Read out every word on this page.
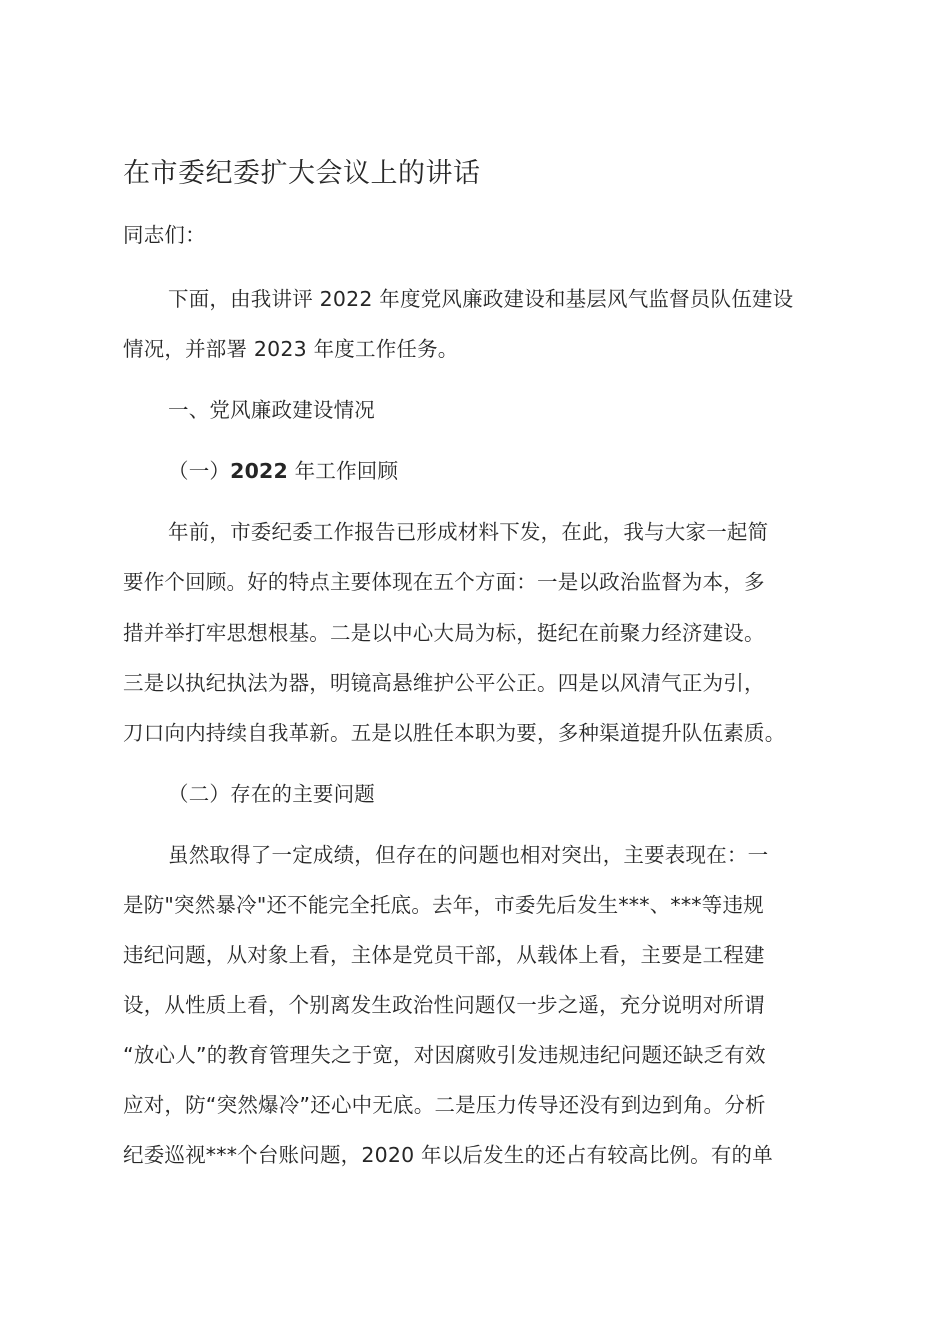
在市委纪委扩大会议上的讲话
同志们：
下面，由我讲评 2022 年度党风廉政建设和基层风气监督员队伍建设
情况，并部署 2023 年度工作任务。
一、党风廉政建设情况
（一）2022 年工作回顾
年前，市委纪委工作报告已形成材料下发，在此，我与大家一起简
要作个回顾。好的特点主要体现在五个方面：一是以政治监督为本，多
措并举打牢思想根基。二是以中心大局为标，挺纪在前聚力经济建设。
三是以执纪执法为器，明镜高悬维护公平公正。四是以风清气正为引，
刀口向内持续自我革新。五是以胜任本职为要，多种渠道提升队伍素质。
（二）存在的主要问题
虽然取得了一定成绩，但存在的问题也相对突出，主要表现在：一
是防"突然暴冷"还不能完全托底。去年，市委先后发生***、***等违规
违纪问题，从对象上看，主体是党员干部，从载体上看，主要是工程建
设，从性质上看，个别离发生政治性问题仅一步之遥，充分说明对所谓
“放心人”的教育管理失之于宽，对因腐败引发违规违纪问题还缺乏有效
应对，防“突然爆冷”还心中无底。二是压力传导还没有到边到角。分析
纪委巡视***个台账问题，2020 年以后发生的还占有较高比例。有的单
